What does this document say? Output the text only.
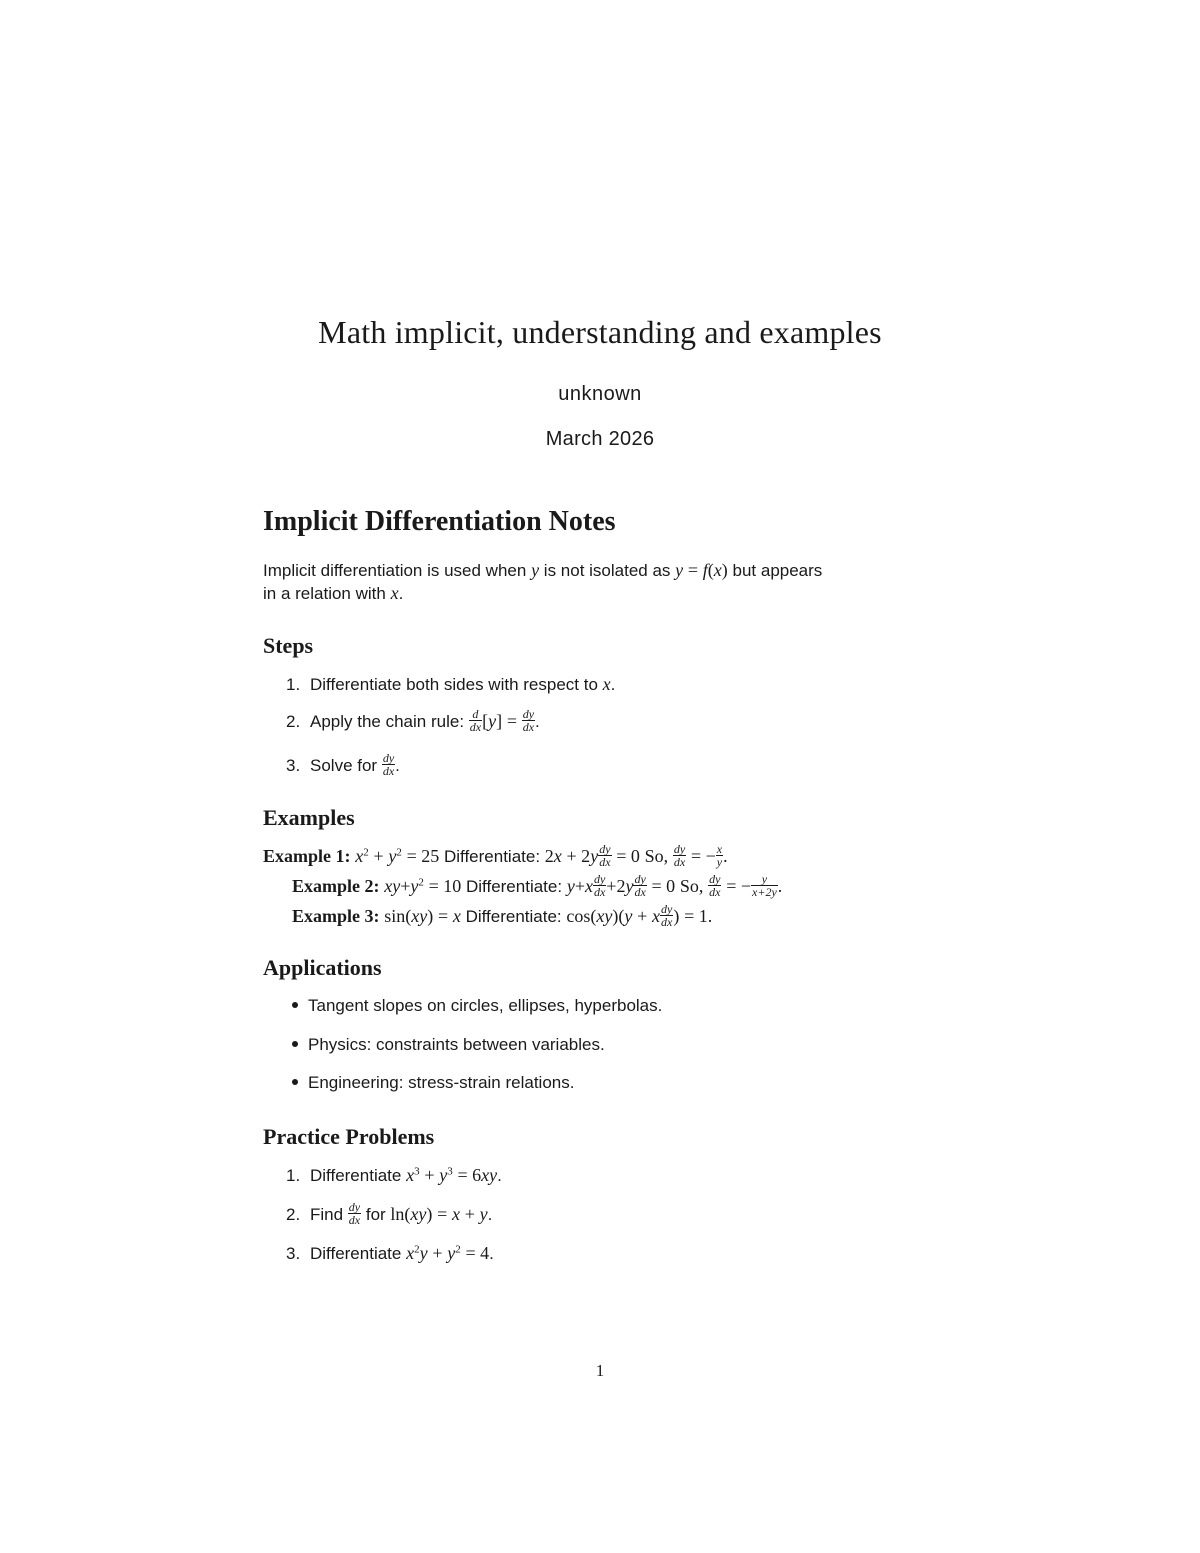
Math implicit, understanding and examples
unknown
March 2026
Implicit Differentiation Notes

Implicit differentiation is used when y is not isolated as y = f(x) but appears
in a relation with x.

Steps
1. Differentiate both sides with respect to x.
2. Apply the chain rule: $\frac{d}{dx} [y] = \frac{dy}{dx}$ .
3. Solve for $\frac{dy}{dx}$ .
Examples
Example 1: $x^2 + y^2 = 25$ Differentiate: $2x + 2y \frac{dy}{dx} = 0$ So, $\frac{dy}{dx}$ = − $\frac{x}{y}$ .
Example 2: $xy+y^2 = 10$ Differentiate: $y+x \frac{dy}{dx} +2y \frac{dy}{dx} = 0$ So, $\frac{dy}{dx}$ = − $\frac{y}{x+2y}$ .
Example 3: sin(xy) = x Differentiate: cos(xy)(y + x $\frac{dy}{dx}$ ) = 1.
Applications
Tangent slopes on circles, ellipses, hyperbolas.
Physics: constraints between variables.
Engineering: stress-strain relations.
Practice Problems
1. Differentiate $x^3 + y^3 = 6xy$.
2. Find $\frac{dy}{dx}$ for ln(xy) = x + y.
3. Differentiate $x^2y + y^2 = 4$.
1
